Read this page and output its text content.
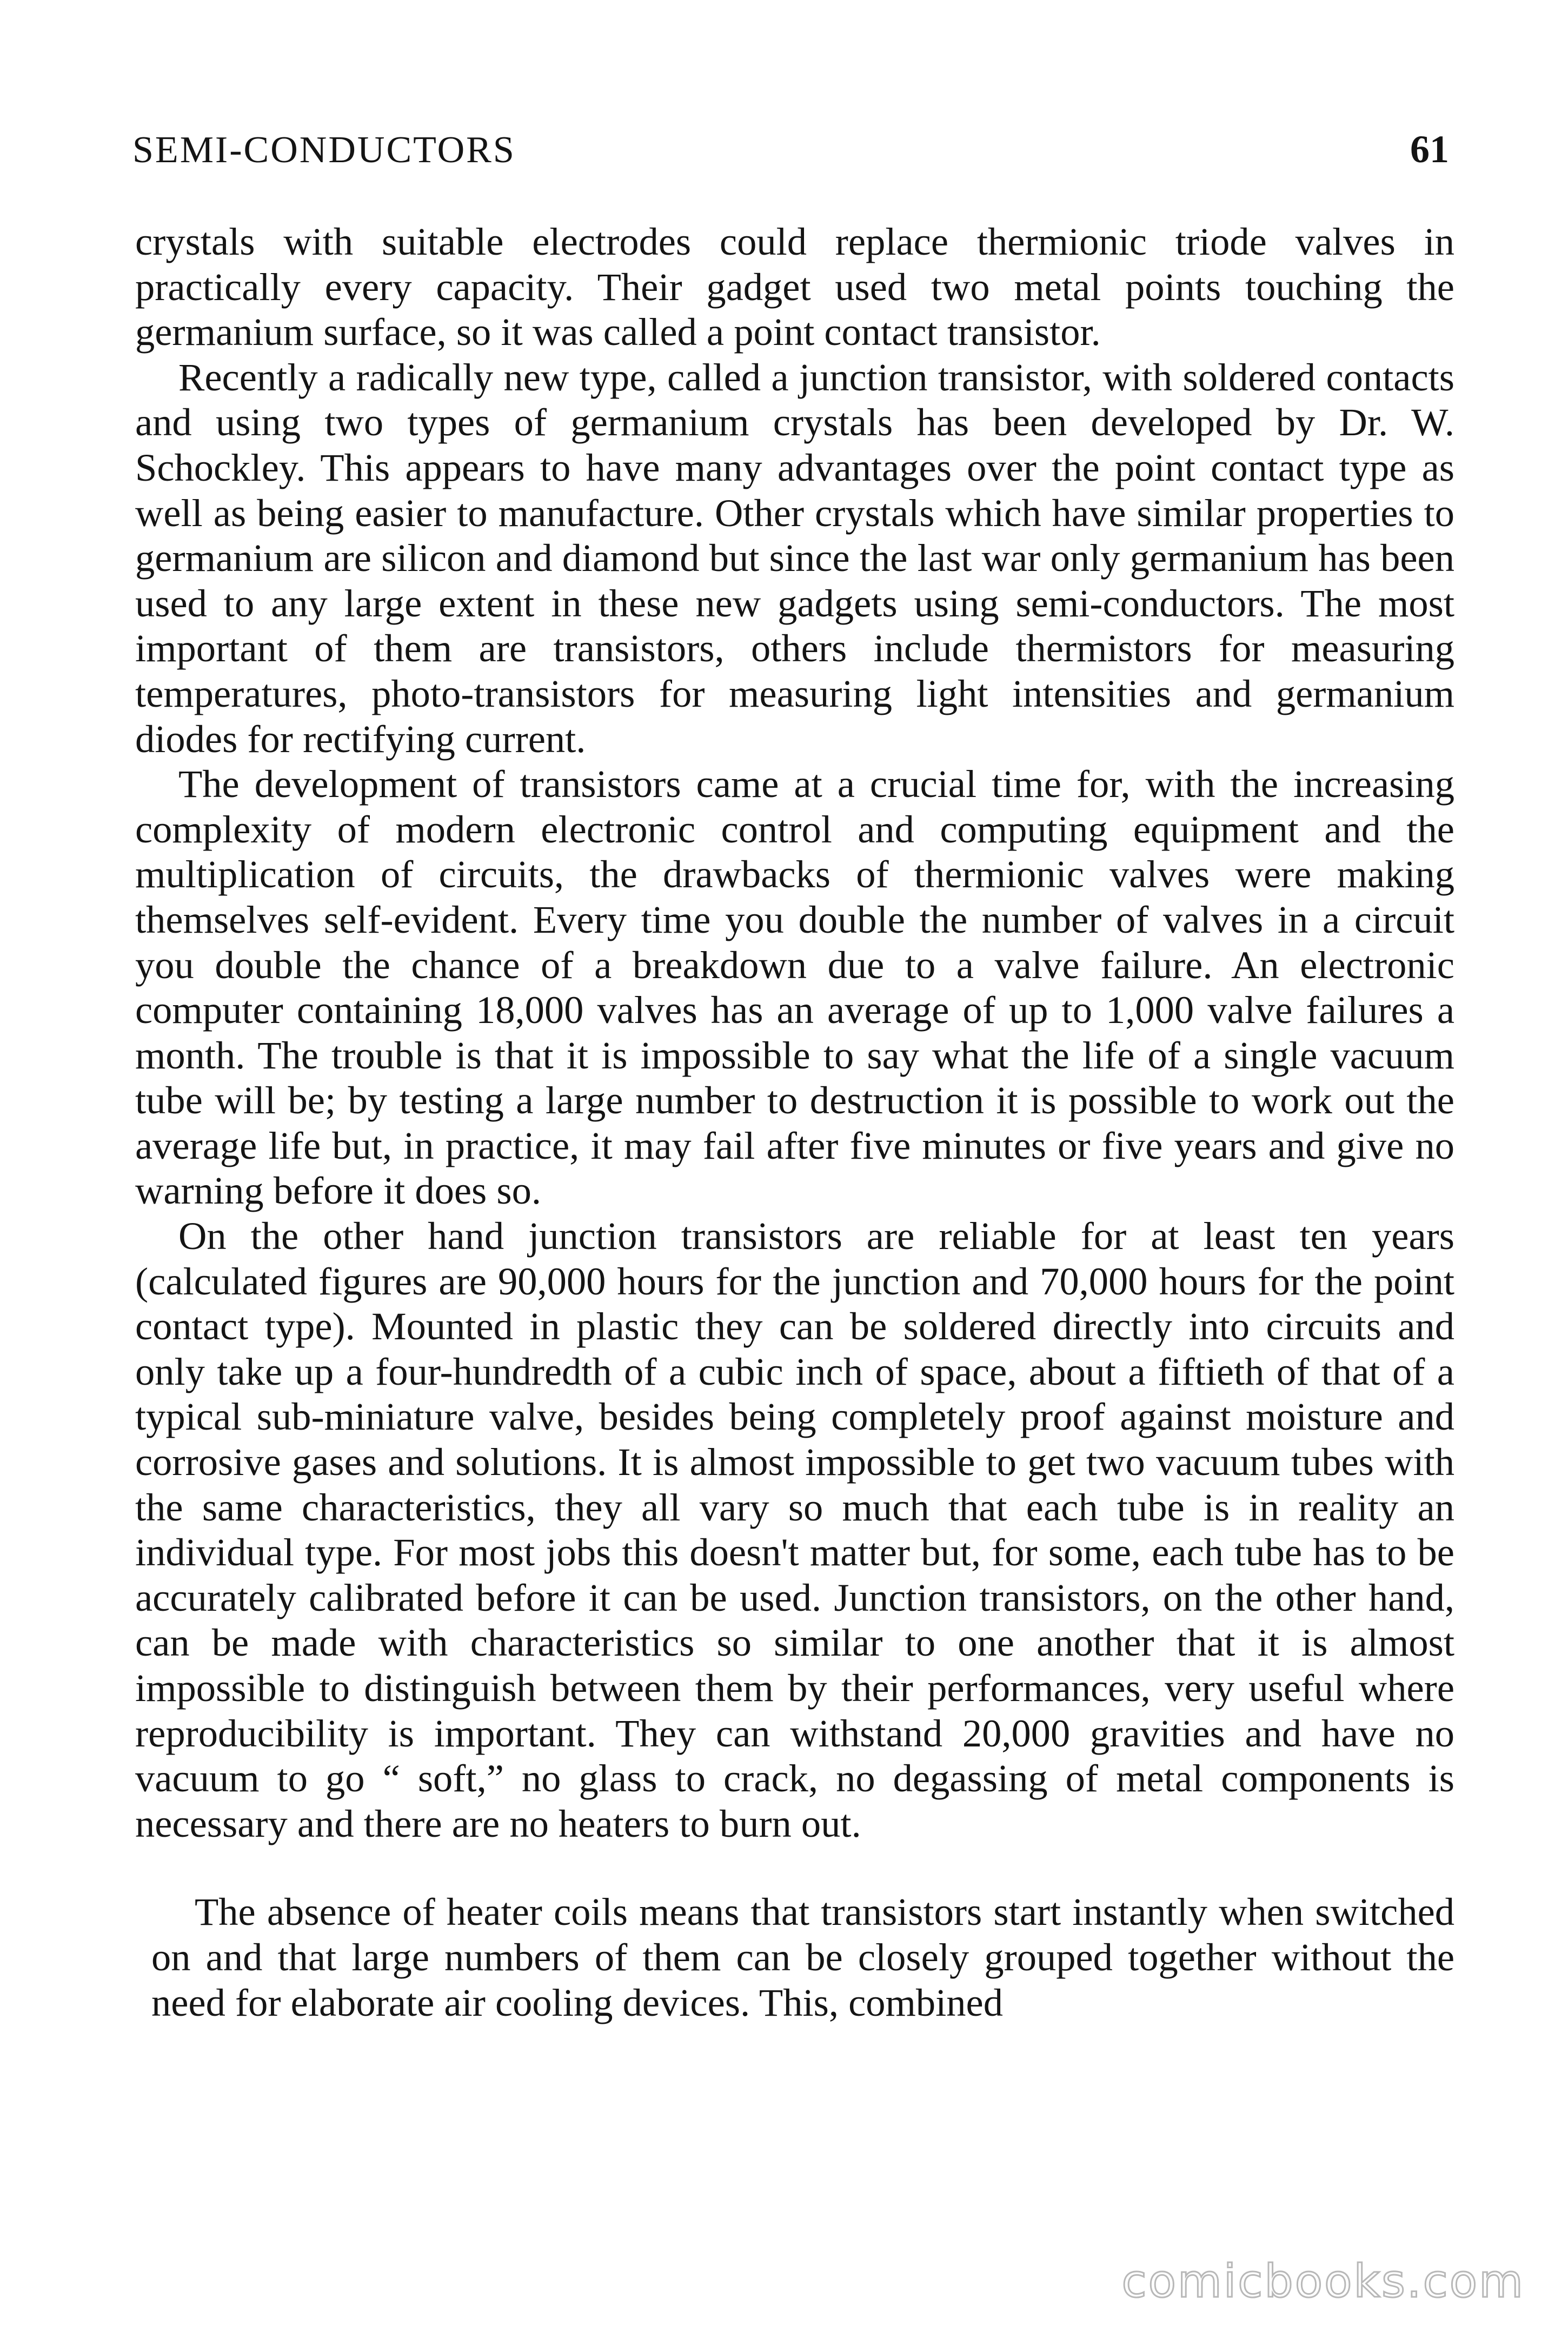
SEMI-CONDUCTORS	61

crystals with suitable electrodes could replace thermionic triode valves in practically every capacity. Their gadget used two metal points touching the germanium surface, so it was called a point contact transistor.

Recently a radically new type, called a junction transistor, with soldered contacts and using two types of germanium crystals has been developed by Dr. W. Schockley. This appears to have many advantages over the point contact type as well as being easier to manufacture. Other crystals which have similar properties to germanium are silicon and diamond but since the last war only germanium has been used to any large extent in these new gadgets using semi-conductors. The most important of them are transistors, others include thermistors for measuring temperatures, photo-transistors for measuring light intensities and germanium diodes for rectifying current.

The development of transistors came at a crucial time for, with the increasing complexity of modern electronic control and computing equipment and the multiplication of circuits, the drawbacks of thermionic valves were making themselves self-evident. Every time you double the number of valves in a circuit you double the chance of a breakdown due to a valve failure. An electronic computer containing 18,000 valves has an average of up to 1,000 valve failures a month. The trouble is that it is impossible to say what the life of a single vacuum tube will be; by testing a large number to destruction it is possible to work out the average life but, in practice, it may fail after five minutes or five years and give no warning before it does so.

On the other hand junction transistors are reliable for at least ten years (calculated figures are 90,000 hours for the junction and 70,000 hours for the point contact type). Mounted in plastic they can be soldered directly into circuits and only take up a four-hundredth of a cubic inch of space, about a fiftieth of that of a typical sub-miniature valve, besides being completely proof against moisture and corrosive gases and solutions. It is almost impossible to get two vacuum tubes with the same characteristics, they all vary so much that each tube is in reality an individual type. For most jobs this doesn't matter but, for some, each tube has to be accurately calibrated before it can be used. Junction transistors, on the other hand, can be made with characteristics so similar to one another that it is almost impossible to distinguish between them by their performances, very useful where reproducibility is important. They can withstand 20,000 gravities and have no vacuum to go “ soft,” no glass to crack, no degassing of metal components is necessary and there are no heaters to burn out.

The absence of heater coils means that transistors start instantly when switched on and that large numbers of them can be closely grouped together without the need for elaborate air cooling devices. This, combined

comicbooks.com
